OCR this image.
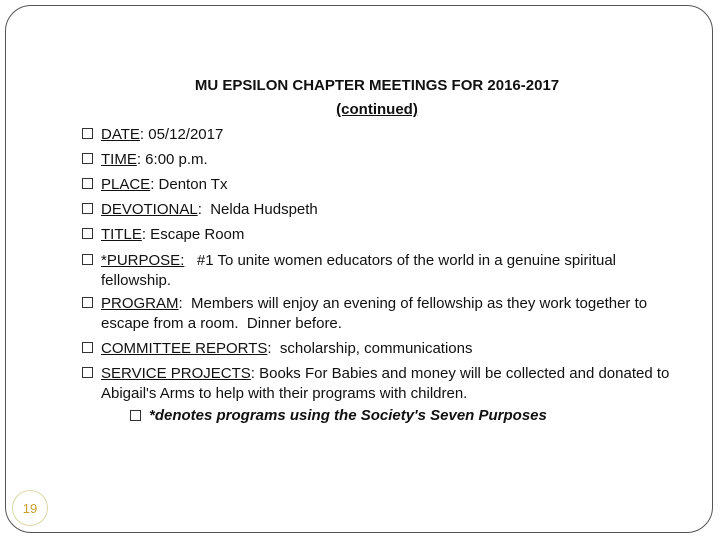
MU EPSILON CHAPTER MEETINGS FOR 2016-2017
(continued)
DATE: 05/12/2017
TIME: 6:00 p.m.
PLACE: Denton Tx
DEVOTIONAL:  Nelda Hudspeth
TITLE: Escape Room
*PURPOSE:   #1 To unite women educators of the world in a genuine spiritual fellowship.
PROGRAM:  Members will enjoy an evening of fellowship as they work together to escape from a room.  Dinner before.
COMMITTEE REPORTS:  scholarship, communications
SERVICE PROJECTS: Books For Babies and money will be collected and donated to Abigail's Arms to help with their programs with children.
*denotes programs using the Society's Seven Purposes
19
